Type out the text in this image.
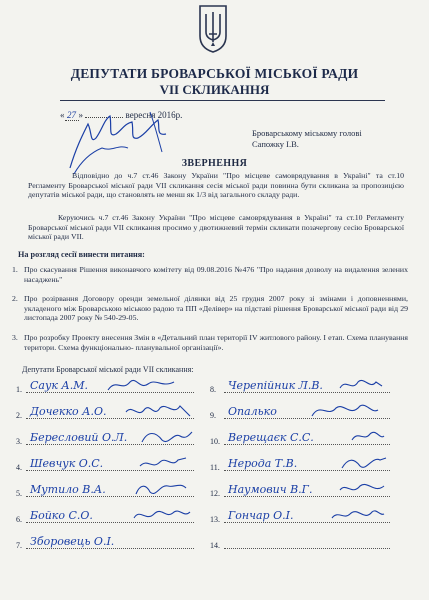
ДЕПУТАТИ БРОВАРСЬКОЇ МІСЬКОЇ РАДИ
VII СКЛИКАННЯ
« 27 »	вересня 2016р.
Броварському міському голові
Сапожку І.В.
ЗВЕРНЕННЯ
Відповідно до ч.7 ст.46 Закону України "Про місцеве самоврядування в Україні" та ст.10 Регламенту Броварської міської ради VII скликання сесія міської ради повинна бути скликана за пропозицією депутатів міської ради, що становлять не менш як 1/3 від загального складу ради.
Керуючись ч.7 ст.46 Закону України "Про місцеве самоврядування в Україні" та ст.10 Регламенту Броварської міської ради VII скликання просимо у двотижневий термін скликати позачергову сесію Броварської міської ради VII.
На розгляд сесії винести питання:
1. Про скасування Рішення виконавчого комітету від 09.08.2016 №476 "Про надання дозволу на видалення зелених насаджень"
2. Про розірвання Договору оренди земельної ділянки від 25 грудня 2007 року зі змінами і доповненнями, укладеного між Броварською міською радою та ПП «Делівер» на підставі рішення Броварської міської ради від 29 листопада 2007 року № 540-29-05.
3. Про розробку Проекту внесення Змін в «Детальний план території IV житлового району. І етап. Схема планування територи. Схема функціонально- планувальної організації».
Депутати Броварської міської ради VII скликання:
1. Саук А.М.
2. Дочекко А.О.
3. Бересловий О.Л.
4. Шевчук О.С.
5. Мутило В.А.
6. Бойко С.О.
7. Зборовець О.І.
8. Черепійник Л.В.
9. Опалько
10. Верещаєк С.С.
11. Нерода Т.В.
12. Наумович В.Г.
13. Гончар О.І.
14.
